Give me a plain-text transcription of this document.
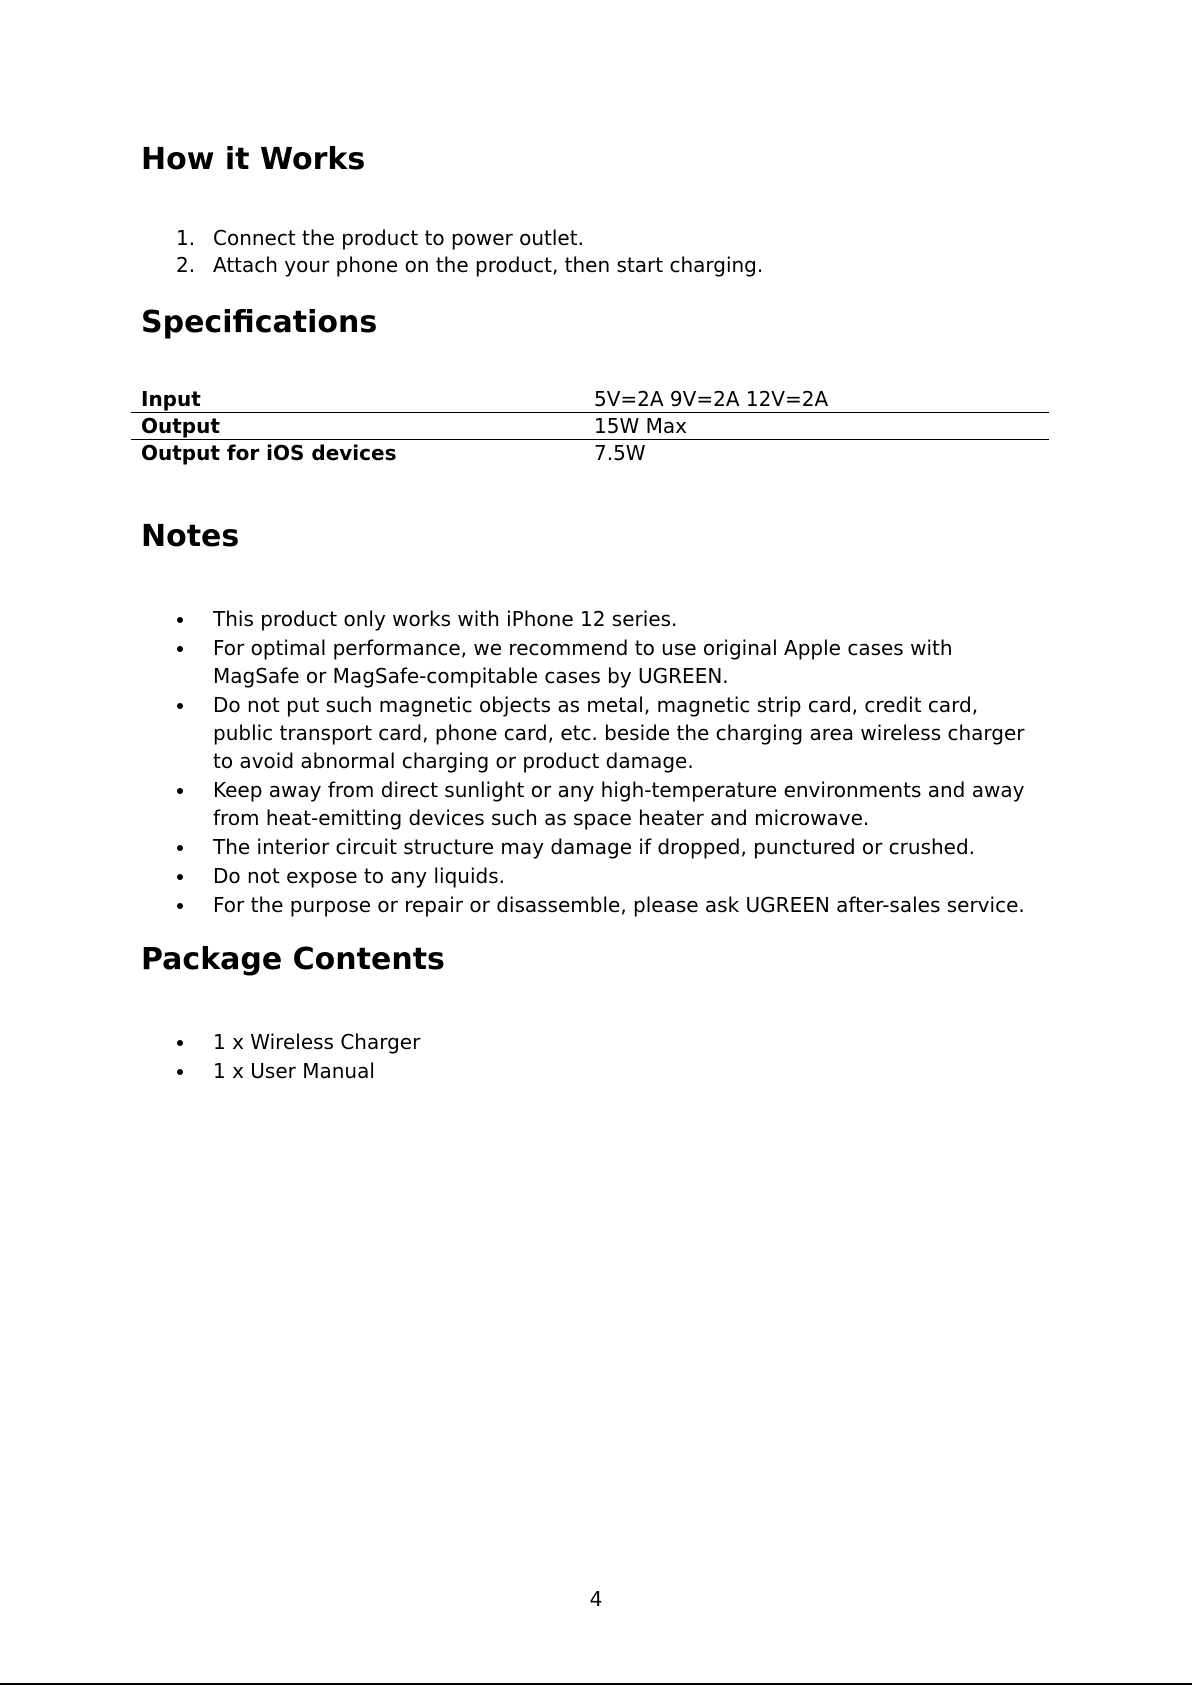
How it Works
1. Connect the product to power outlet.
2. Attach your phone on the product, then start charging.
Specifications
Input	5V=2A 9V=2A 12V=2A
Output	15W Max
Output for iOS devices	7.5W
Notes
This product only works with iPhone 12 series.
For optimal performance, we recommend to use original Apple cases with MagSafe or MagSafe-compitable cases by UGREEN.
Do not put such magnetic objects as metal, magnetic strip card, credit card, public transport card, phone card, etc. beside the charging area wireless charger to avoid abnormal charging or product damage.
Keep away from direct sunlight or any high-temperature environments and away from heat-emitting devices such as space heater and microwave.
The interior circuit structure may damage if dropped, punctured or crushed.
Do not expose to any liquids.
For the purpose or repair or disassemble, please ask UGREEN after-sales service.
Package Contents
1 x Wireless Charger
1 x User Manual
4
